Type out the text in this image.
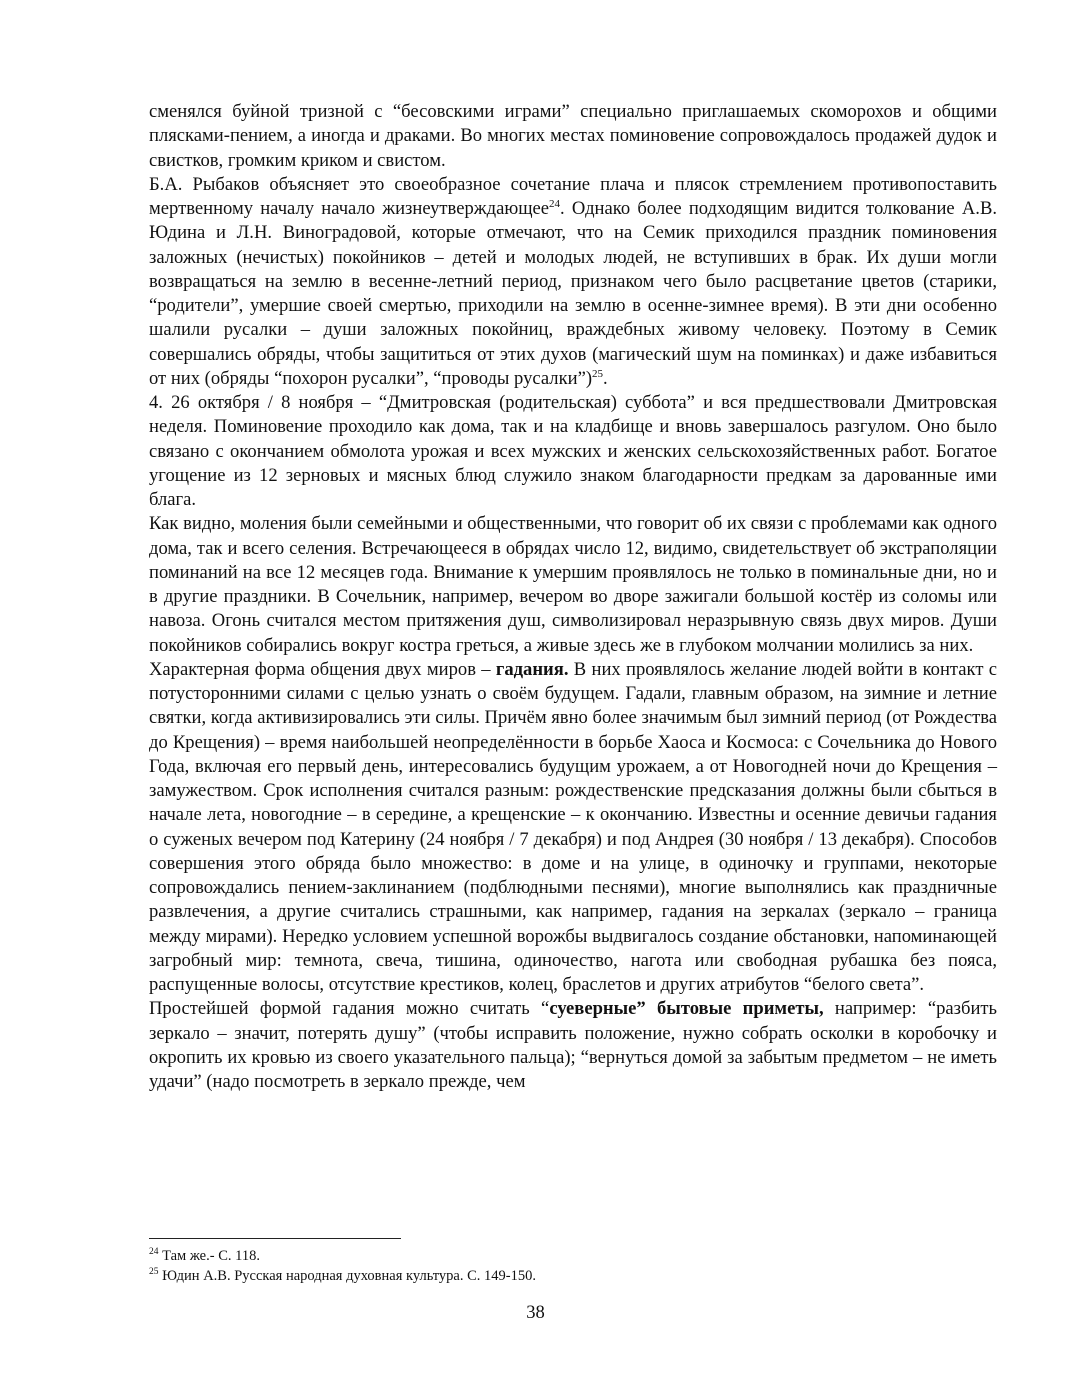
сменялся буйной тризной с “бесовскими играми” специально приглашаемых скоморохов и общими плясками-пением, а иногда и драками. Во многих местах поминовение сопровождалось продажей дудок и свистков, громким криком и свистом.

Б.А. Рыбаков объясняет это своеобразное сочетание плача и плясок стремлением противопоставить мертвенному началу начало жизнеутверждающее$^{24}$. Однако более подходящим видится толкование А.В. Юдина и Л.Н. Виноградовой, которые отмечают, что на Семик приходился праздник поминовения заложных (нечистых) покойников – детей и молодых людей, не вступивших в брак. Их души могли возвращаться на землю в весенне-летний период, признаком чего было расцветание цветов (старики, “родители”, умершие своей смертью, приходили на землю в осенне-зимнее время). В эти дни особенно шалили русалки – души заложных покойниц, враждебных живому человеку. Поэтому в Семик совершались обряды, чтобы защититься от этих духов (магический шум на поминках) и даже избавиться от них (обряды “похорон русалки”, “проводы русалки”)$^{25}$.

4. 26 октября / 8 ноября – “Дмитровская (родительская) суббота” и вся предшествовали Дмитровская неделя. Поминовение проходило как дома, так и на кладбище и вновь завершалось разгулом. Оно было связано с окончанием обмолота урожая и всех мужских и женских сельскохозяйственных работ. Богатое угощение из 12 зерновых и мясных блюд служило знаком благодарности предкам за дарованные ими блага.

Как видно, моления были семейными и общественными, что говорит об их связи с проблемами как одного дома, так и всего селения. Встречающееся в обрядах число 12, видимо, свидетельствует об экстраполяции поминаний на все 12 месяцев года. Внимание к умершим проявлялось не только в поминальные дни, но и в другие праздники. В Сочельник, например, вечером во дворе зажигали большой костёр из соломы или навоза. Огонь считался местом притяжения душ, символизировал неразрывную связь двух миров. Души покойников собирались вокруг костра греться, а живые здесь же в глубоком молчании молились за них.

Характерная форма общения двух миров – гадания. В них проявлялось желание людей войти в контакт с потусторонними силами с целью узнать о своём будущем. Гадали, главным образом, на зимние и летние святки, когда активизировались эти силы. Причём явно более значимым был зимний период (от Рождества до Крещения) – время наибольшей неопределённости в борьбе Хаоса и Космоса: с Сочельника до Нового Года, включая его первый день, интересовались будущим урожаем, а от Новогодней ночи до Крещения – замужеством. Срок исполнения считался разным: рождественские предсказания должны были сбыться в начале лета, новогодние – в середине, а крещенские – к окончанию. Известны и осенние девичьи гадания о суженых вечером под Катерину (24 ноября / 7 декабря) и под Андрея (30 ноября / 13 декабря). Способов совершения этого обряда было множество: в доме и на улице, в одиночку и группами, некоторые сопровождались пением-заклинанием (подблюдными песнями), многие выполнялись как праздничные развлечения, а другие считались страшными, как например, гадания на зеркалах (зеркало – граница между мирами). Нередко условием успешной ворожбы выдвигалось создание обстановки, напоминающей загробный мир: темнота, свеча, тишина, одиночество, нагота или свободная рубашка без пояса, распущенные волосы, отсутствие крестиков, колец, браслетов и других атрибутов “белого света”.

Простейшей формой гадания можно считать “суеверные” бытовые приметы, например: “разбить зеркало – значит, потерять душу” (чтобы исправить положение, нужно собрать осколки в коробочку и окропить их кровью из своего указательного пальца); “вернуться домой за забытым предметом – не иметь удачи” (надо посмотреть в зеркало прежде, чем

$^{24}$ Там же.- С. 118.

$^{25}$ Юдин А.В. Русская народная духовная культура. С. 149-150.

38
